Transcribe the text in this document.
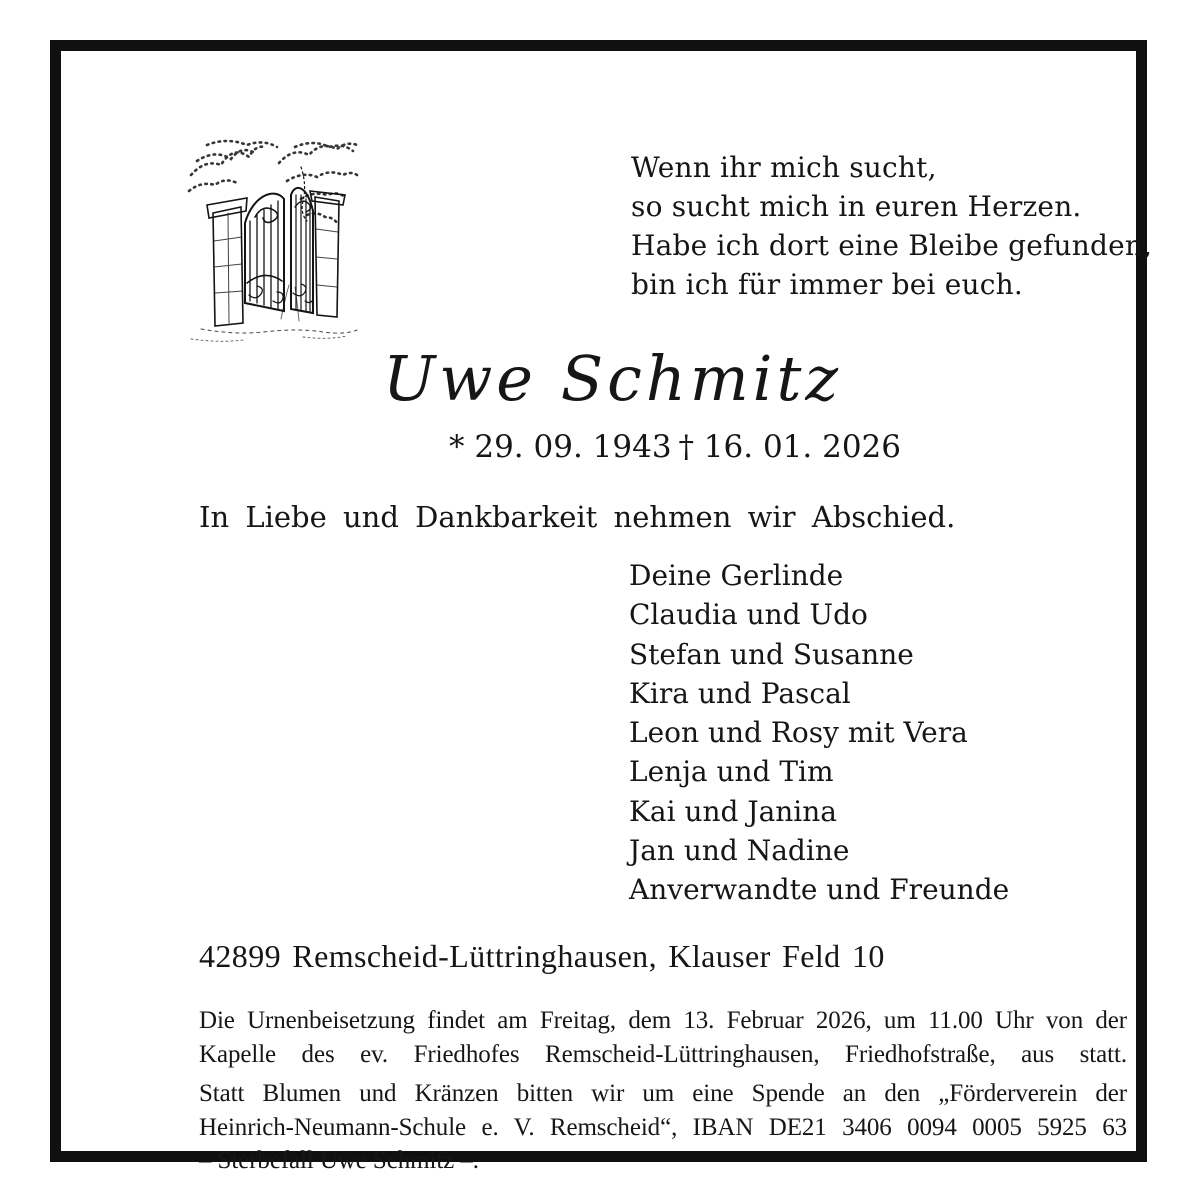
Wenn ihr mich sucht,
so sucht mich in euren Herzen.
Habe ich dort eine Bleibe gefunden,
bin ich für immer bei euch.
Uwe Schmitz
* 29. 09. 1943 † 16. 01. 2026
In Liebe und Dankbarkeit nehmen wir Abschied.
Deine Gerlinde
Claudia und Udo
Stefan und Susanne
Kira und Pascal
Leon und Rosy mit Vera
Lenja und Tim
Kai und Janina
Jan und Nadine
Anverwandte und Freunde
42899 Remscheid-Lüttringhausen, Klauser Feld 10
Die Urnenbeisetzung findet am Freitag, dem 13. Februar 2026, um 11.00 Uhr von der
Kapelle des ev. Friedhofes Remscheid-Lüttringhausen, Friedhofstraße, aus statt.
Statt Blumen und Kränzen bitten wir um eine Spende an den „Förderverein der
Heinrich-Neumann-Schule e. V. Remscheid“, IBAN DE21 3406 0094 0005 5925 63
– Sterbefall Uwe Schmitz –.
